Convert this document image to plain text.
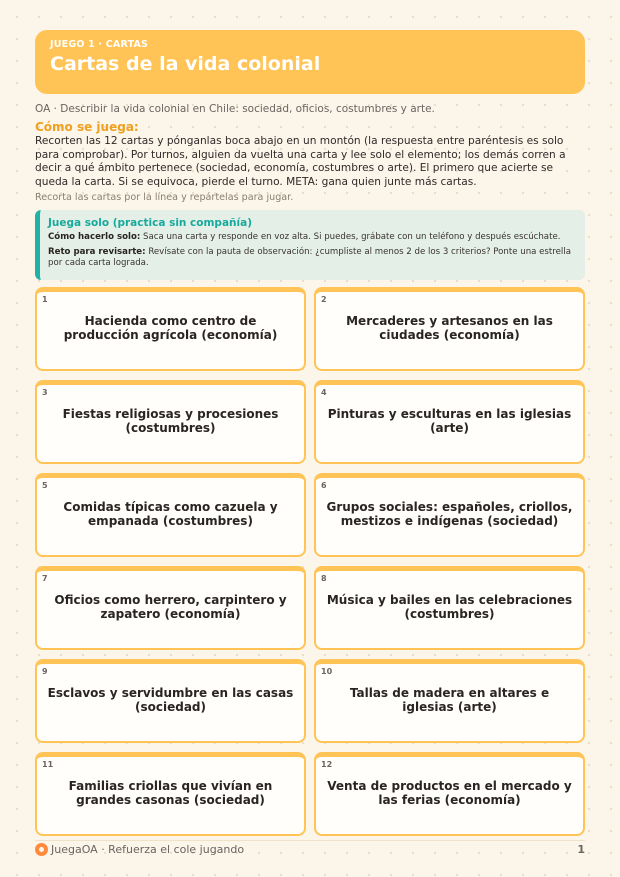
JUEGO 1 · CARTAS
Cartas de la vida colonial
OA · Describir la vida colonial en Chile: sociedad, oficios, costumbres y arte.
Cómo se juega:
Recorten las 12 cartas y pónganlas boca abajo en un montón (la respuesta entre paréntesis es solo para comprobar). Por turnos, alguien da vuelta una carta y lee solo el elemento; los demás corren a decir a qué ámbito pertenece (sociedad, economía, costumbres o arte). El primero que acierte se queda la carta. Si se equivoca, pierde el turno. META: gana quien junte más cartas.
Recorta las cartas por la línea y repártelas para jugar.
Juega solo (practica sin compañía)

Cómo hacerlo solo: Saca una carta y responde en voz alta. Si puedes, grábate con un teléfono y después escúchate.

Reto para revisarte: Revísate con la pauta de observación: ¿cumpliste al menos 2 de los 3 criterios? Ponte una estrella por cada carta lograda.

1
Hacienda como centro de producción agrícola (economía)
2
Mercaderes y artesanos en las ciudades (economía)
3
Fiestas religiosas y procesiones (costumbres)
4
Pinturas y esculturas en las iglesias (arte)
5
Comidas típicas como cazuela y empanada (costumbres)
6
Grupos sociales: españoles, criollos, mestizos e indígenas (sociedad)
7
Oficios como herrero, carpintero y zapatero (economía)
8
Música y bailes en las celebraciones (costumbres)
9
Esclavos y servidumbre en las casas (sociedad)
10
Tallas de madera en altares e iglesias (arte)
11
Familias criollas que vivían en grandes casonas (sociedad)
12
Venta de productos en el mercado y las ferias (economía)
JuegaOA · Refuerza el cole jugando	1
